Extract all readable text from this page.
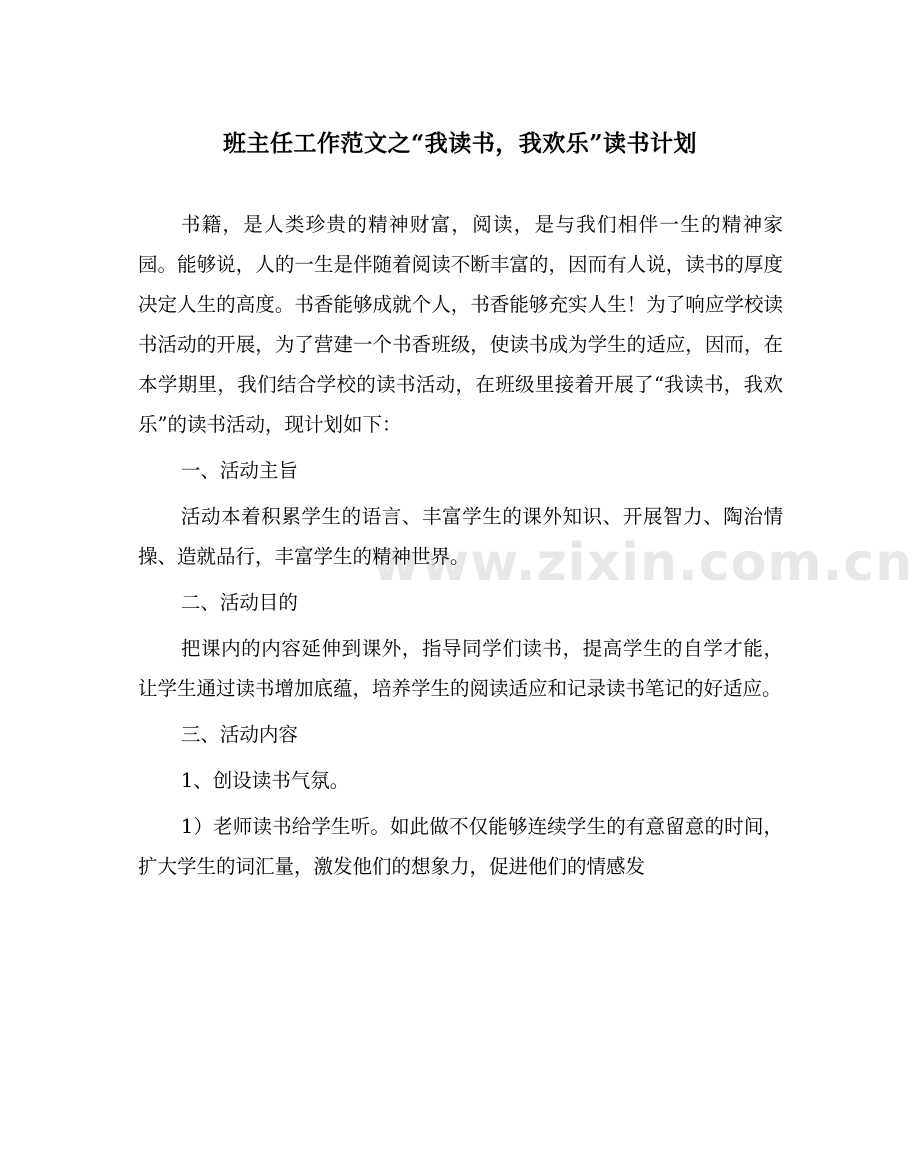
www.zixin.com.cn
班主任工作范文之“我读书，我欢乐”读书计划

书籍，是人类珍贵的精神财富，阅读，是与我们相伴一生的精神家园。能够说，人的一生是伴随着阅读不断丰富的，因而有人说，读书的厚度决定人生的高度。书香能够成就个人，书香能够充实人生！为了响应学校读书活动的开展，为了营建一个书香班级，使读书成为学生的适应，因而，在本学期里，我们结合学校的读书活动，在班级里接着开展了“我读书，我欢乐”的读书活动，现计划如下：

一、活动主旨

活动本着积累学生的语言、丰富学生的课外知识、开展智力、陶治情操、造就品行，丰富学生的精神世界。

二、活动目的

把课内的内容延伸到课外，指导同学们读书，提高学生的自学才能，让学生通过读书增加底蕴，培养学生的阅读适应和记录读书笔记的好适应。

三、活动内容

1、创设读书气氛。

1）老师读书给学生听。如此做不仅能够连续学生的有意留意的时间，扩大学生的词汇量，激发他们的想象力，促进他们的情感发
